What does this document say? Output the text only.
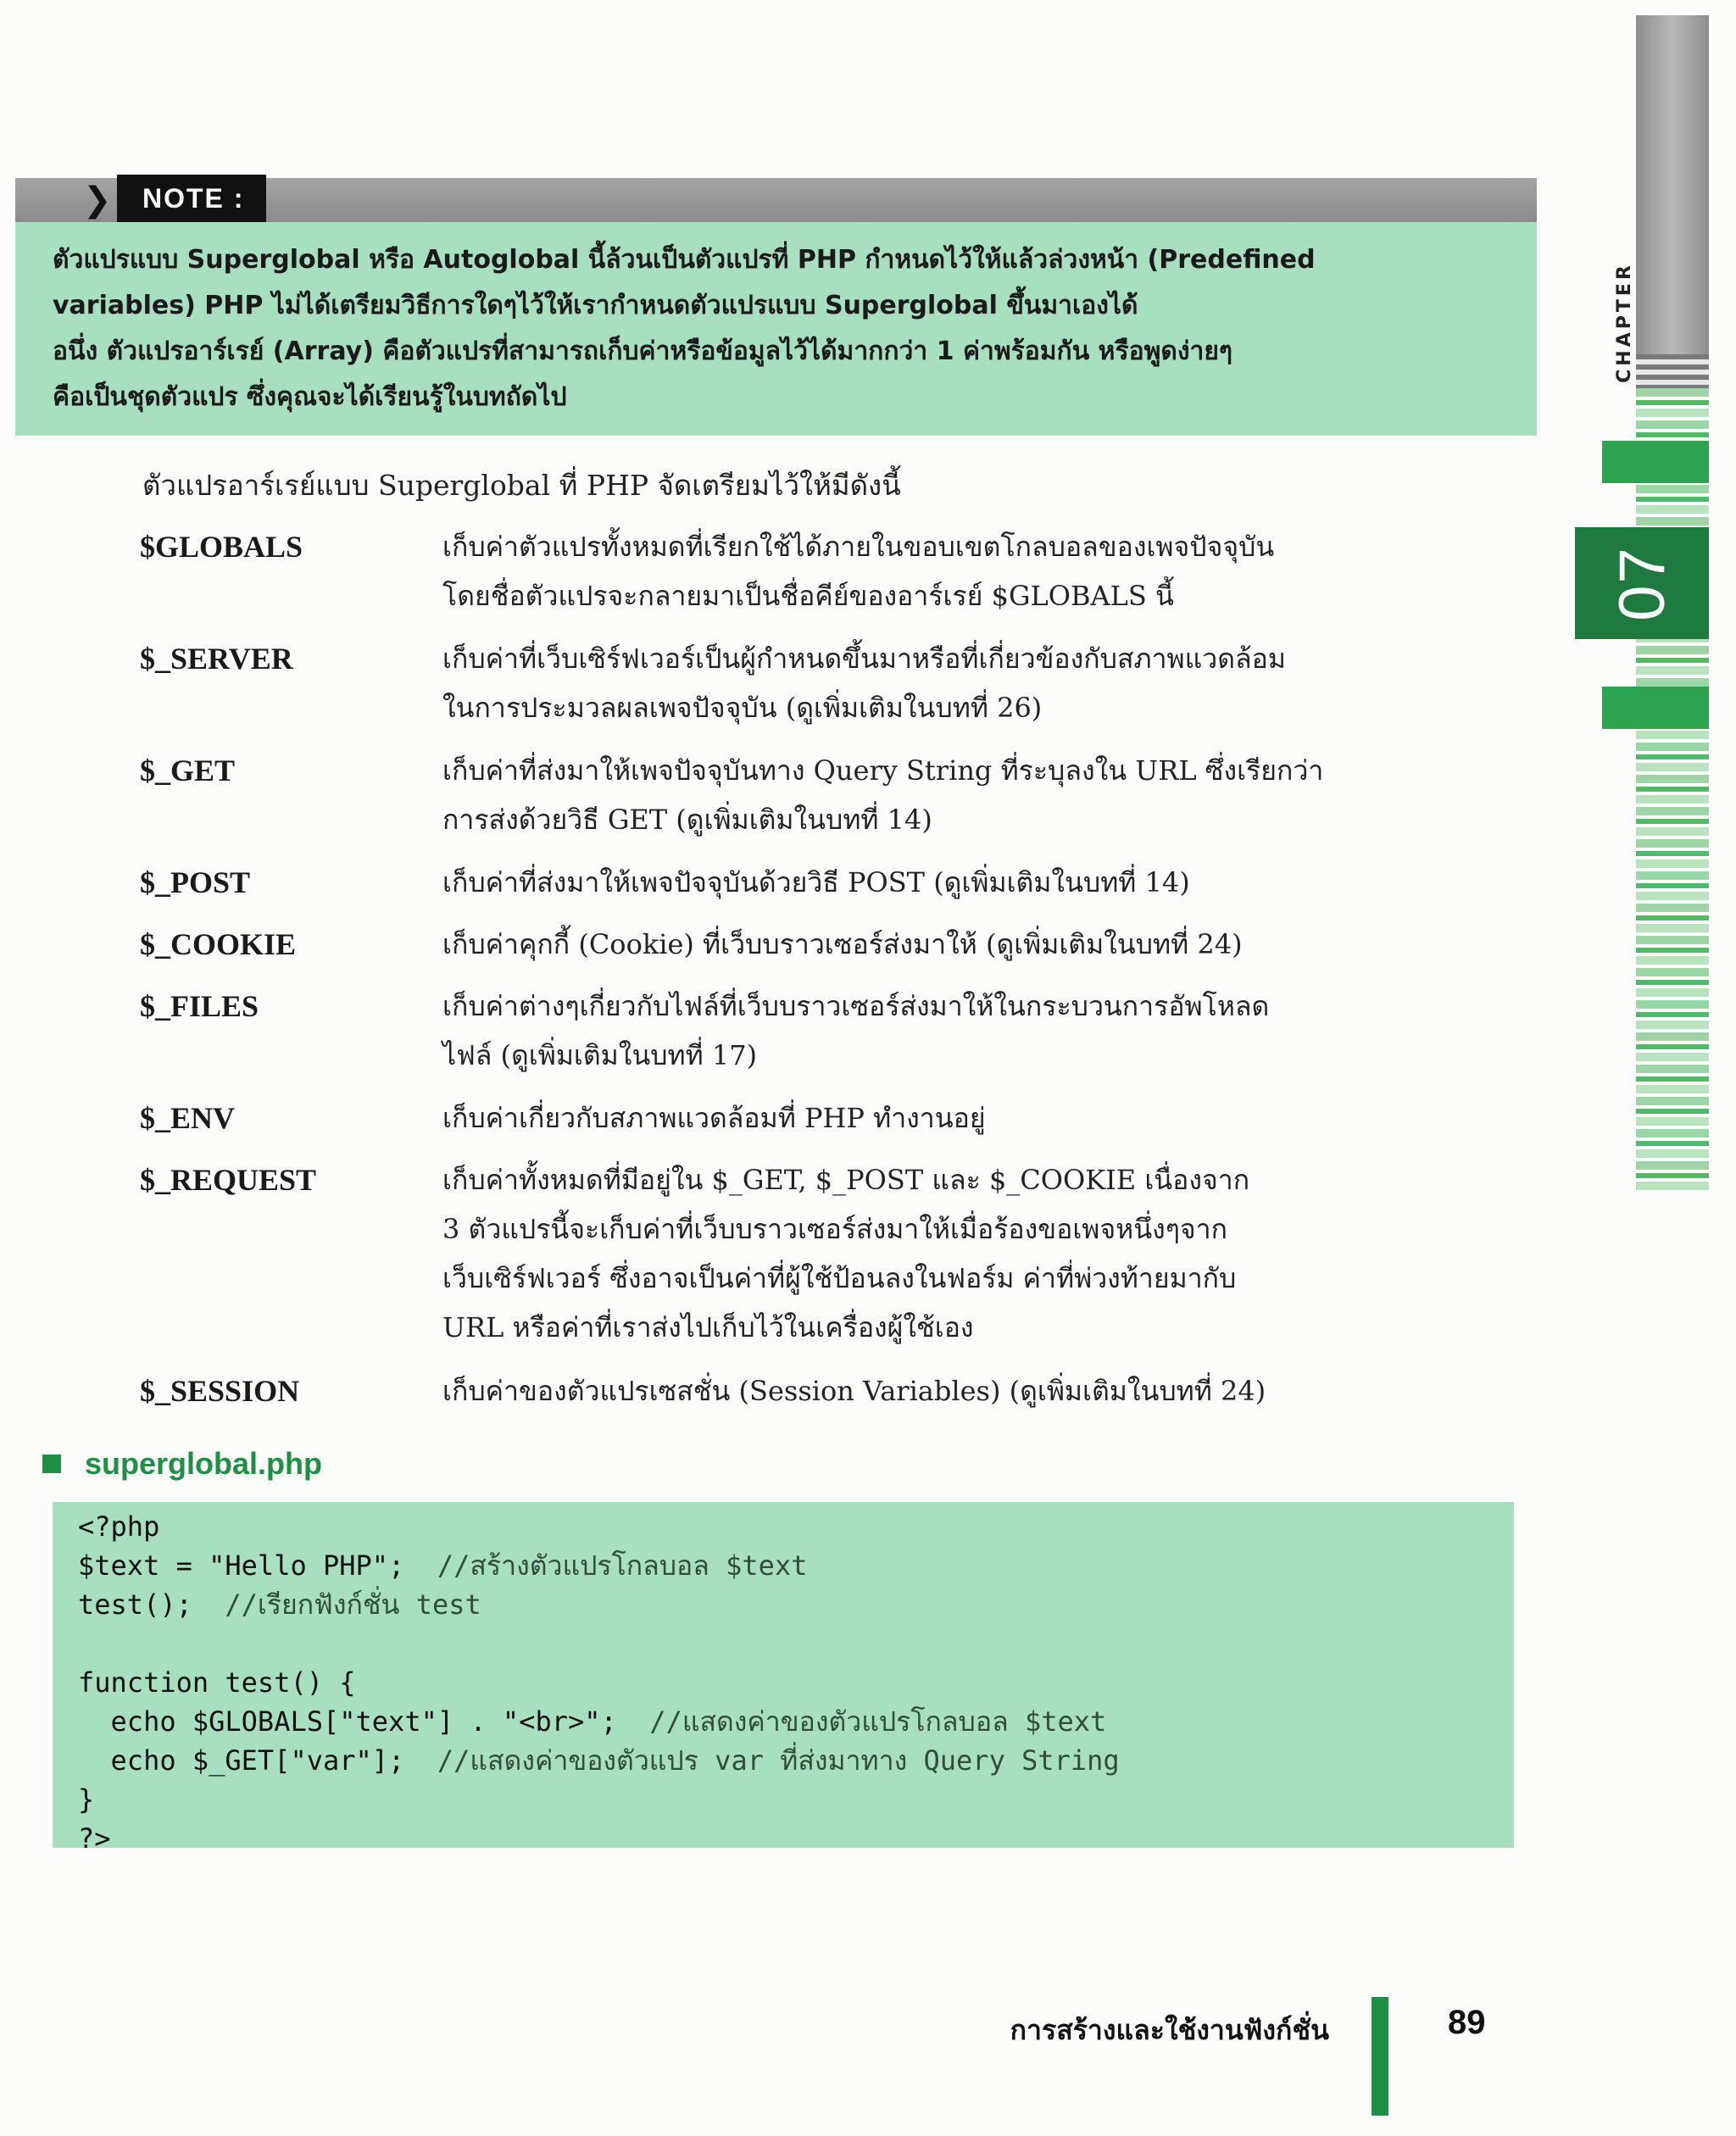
CHAPTER
07
❯	NOTE :

ตัวแปรแบบ Superglobal หรือ Autoglobal นี้ล้วนเป็นตัวแปรที่ PHP กำหนดไว้ให้แล้วล่วงหน้า (Predefined

variables) PHP ไม่ได้เตรียมวิธีการใดๆไว้ให้เรากำหนดตัวแปรแบบ Superglobal ขึ้นมาเองได้

อนึ่ง ตัวแปรอาร์เรย์ (Array) คือตัวแปรที่สามารถเก็บค่าหรือข้อมูลไว้ได้มากกว่า 1 ค่าพร้อมกัน หรือพูดง่ายๆ

คือเป็นชุดตัวแปร ซึ่งคุณจะได้เรียนรู้ในบทถัดไป

ตัวแปรอาร์เรย์แบบ Superglobal ที่ PHP จัดเตรียมไว้ให้มีดังนี้
$GLOBALS	เก็บค่าตัวแปรทั้งหมดที่เรียกใช้ได้ภายในขอบเขตโกลบอลของเพจปัจจุบัน
โดยชื่อตัวแปรจะกลายมาเป็นชื่อคีย์ของอาร์เรย์ $GLOBALS นี้
$_SERVER	เก็บค่าที่เว็บเซิร์ฟเวอร์เป็นผู้กำหนดขึ้นมาหรือที่เกี่ยวข้องกับสภาพแวดล้อม
ในการประมวลผลเพจปัจจุบัน (ดูเพิ่มเติมในบทที่ 26)
$_GET	เก็บค่าที่ส่งมาให้เพจปัจจุบันทาง Query String ที่ระบุลงใน URL ซึ่งเรียกว่า
การส่งด้วยวิธี GET (ดูเพิ่มเติมในบทที่ 14)
$_POST	เก็บค่าที่ส่งมาให้เพจปัจจุบันด้วยวิธี POST (ดูเพิ่มเติมในบทที่ 14)
$_COOKIE	เก็บค่าคุกกี้ (Cookie) ที่เว็บบราวเซอร์ส่งมาให้ (ดูเพิ่มเติมในบทที่ 24)
$_FILES	เก็บค่าต่างๆเกี่ยวกับไฟล์ที่เว็บบราวเซอร์ส่งมาให้ในกระบวนการอัพโหลด
ไฟล์ (ดูเพิ่มเติมในบทที่ 17)
$_ENV	เก็บค่าเกี่ยวกับสภาพแวดล้อมที่ PHP ทำงานอยู่
$_REQUEST	เก็บค่าทั้งหมดที่มีอยู่ใน $_GET, $_POST และ $_COOKIE เนื่องจาก
3 ตัวแปรนี้จะเก็บค่าที่เว็บบราวเซอร์ส่งมาให้เมื่อร้องขอเพจหนึ่งๆจาก
เว็บเซิร์ฟเวอร์ ซึ่งอาจเป็นค่าที่ผู้ใช้ป้อนลงในฟอร์ม ค่าที่พ่วงท้ายมากับ
URL หรือค่าที่เราส่งไปเก็บไว้ในเครื่องผู้ใช้เอง
$_SESSION	เก็บค่าของตัวแปรเซสชั่น (Session Variables) (ดูเพิ่มเติมในบทที่ 24)
superglobal.php
<?php
$text = "Hello PHP";  //สร้างตัวแปรโกลบอล $text
test();  //เรียกฟังก์ชั่น test
function test() {
echo $GLOBALS["text"] . "<br>";  //แสดงค่าของตัวแปรโกลบอล $text
echo $_GET["var"];  //แสดงค่าของตัวแปร var ที่ส่งมาทาง Query String
}
?>
การสร้างและใช้งานฟังก์ชั่น	89
